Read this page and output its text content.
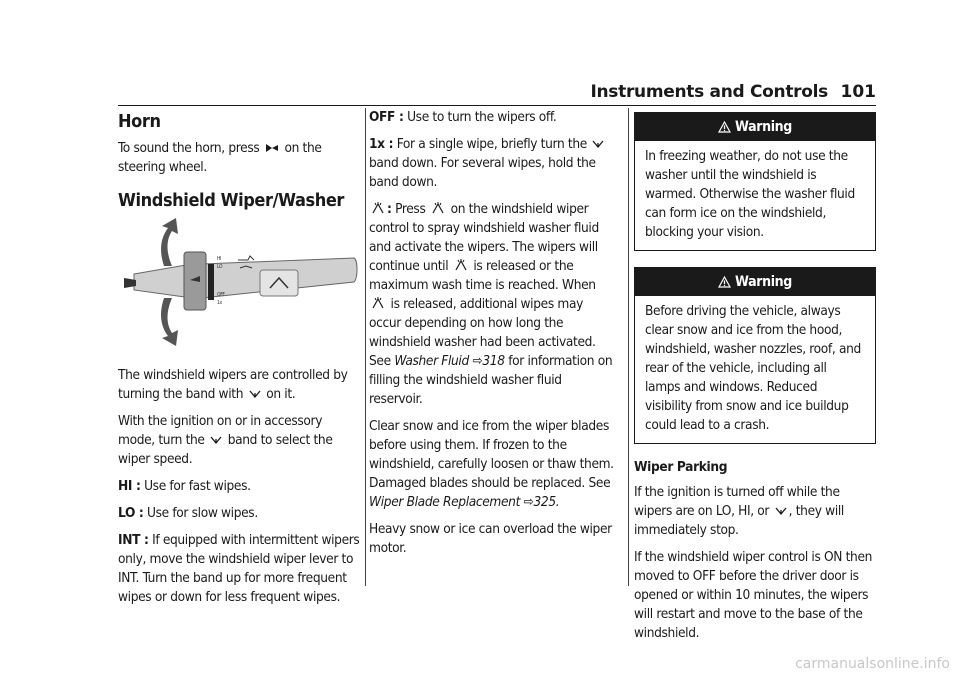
Instruments and Controls 101
Horn

To sound the horn, press on the steering wheel.

Windshield Wiper/Washer
HI
LO
OFF
1x

The windshield wipers are controlled by turning the band with on it.

With the ignition on or in accessory mode, turn the band to select the wiper speed.

HI : Use for fast wipes.

LO : Use for slow wipes.

INT : If equipped with intermittent wipers only, move the windshield wiper lever to INT. Turn the band up for more frequent wipes or down for less frequent wipes.

OFF : Use to turn the wipers off.

1x : For a single wipe, briefly turn the  band down. For several wipes, hold the band down.

: Press on the windshield wiper control to spray windshield washer fluid and activate the wipers. The wipers will continue until is released or the maximum wash time is reached. When  is released, additional wipes may occur depending on how long the windshield washer had been activated. See Washer Fluid ⇨318 for information on filling the windshield washer fluid reservoir.

Clear snow and ice from the wiper blades before using them. If frozen to the windshield, carefully loosen or thaw them. Damaged blades should be replaced. See Wiper Blade Replacement ⇨325.

Heavy snow or ice can overload the wiper motor.

Warning
In freezing weather, do not use the washer until the windshield is warmed. Otherwise the washer fluid can form ice on the windshield, blocking your vision.
Warning
Before driving the vehicle, always clear snow and ice from the hood, windshield, washer nozzles, roof, and rear of the vehicle, including all lamps and windows. Reduced visibility from snow and ice buildup could lead to a crash.
Wiper Parking

If the ignition is turned off while the wipers are on LO, HI, or , they will immediately stop.

If the windshield wiper control is ON then moved to OFF before the driver door is opened or within 10 minutes, the wipers will restart and move to the base of the windshield.

carmanualsonline.info
